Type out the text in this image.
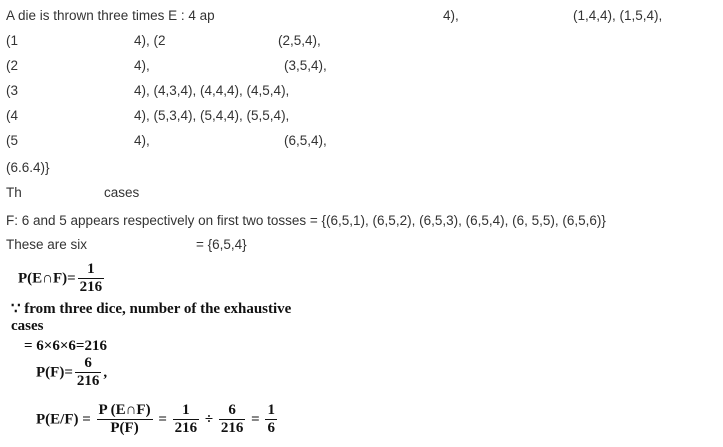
A die is thrown three times E : 4 ap	4),	(1,4,4), (1,5,4),
(1	4), (2	(2,5,4),
(2	4),	(3,5,4),
(3	4), (4,3,4), (4,4,4), (4,5,4),
(4	4), (5,3,4), (5,4,4), (5,5,4),
(5	4),	(6,5,4),
(6.6.4)}
Th	cases
F: 6 and 5 appears respectively on first two tosses = {(6,5,1), (6,5,2), (6,5,3), (6,5,4), (6, 5,5), (6,5,6)}
These are six	= {6,5,4}
P(E∩F)= $\frac{1}{216}$
∵ from three dice, number of the exhaustive
cases
= 6×6×6=216
$P(F)= \frac{6}{216}$ ,
$P(E/F) = \frac{P (E\cap F)}{P(F)} = \frac{1}{216} \div \frac{6}{216} = \frac{1}{6}$
